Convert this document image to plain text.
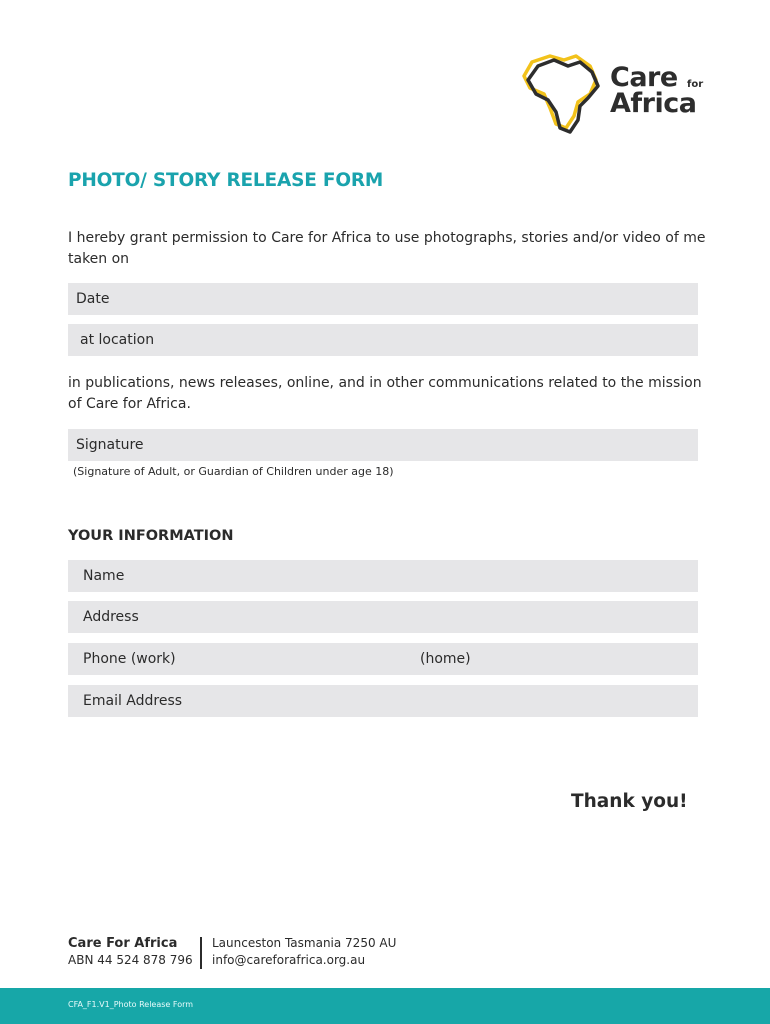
Care for
Africa
PHOTO/ STORY RELEASE FORM

I hereby grant permission to Care for Africa to use photographs, stories and/or video of me taken on

Date
at location

in publications, news releases, online, and in other communications related to the mission of Care for Africa.

Signature
(Signature of Adult, or Guardian of Children under age 18)
YOUR INFORMATION
Name
Address
Phone (work)	(home)
Email Address
Thank you!
Care For Africa
ABN 44 524 878 796
Launceston Tasmania 7250 AU
info@careforafrica.org.au
CFA_F1.V1_Photo Release Form
